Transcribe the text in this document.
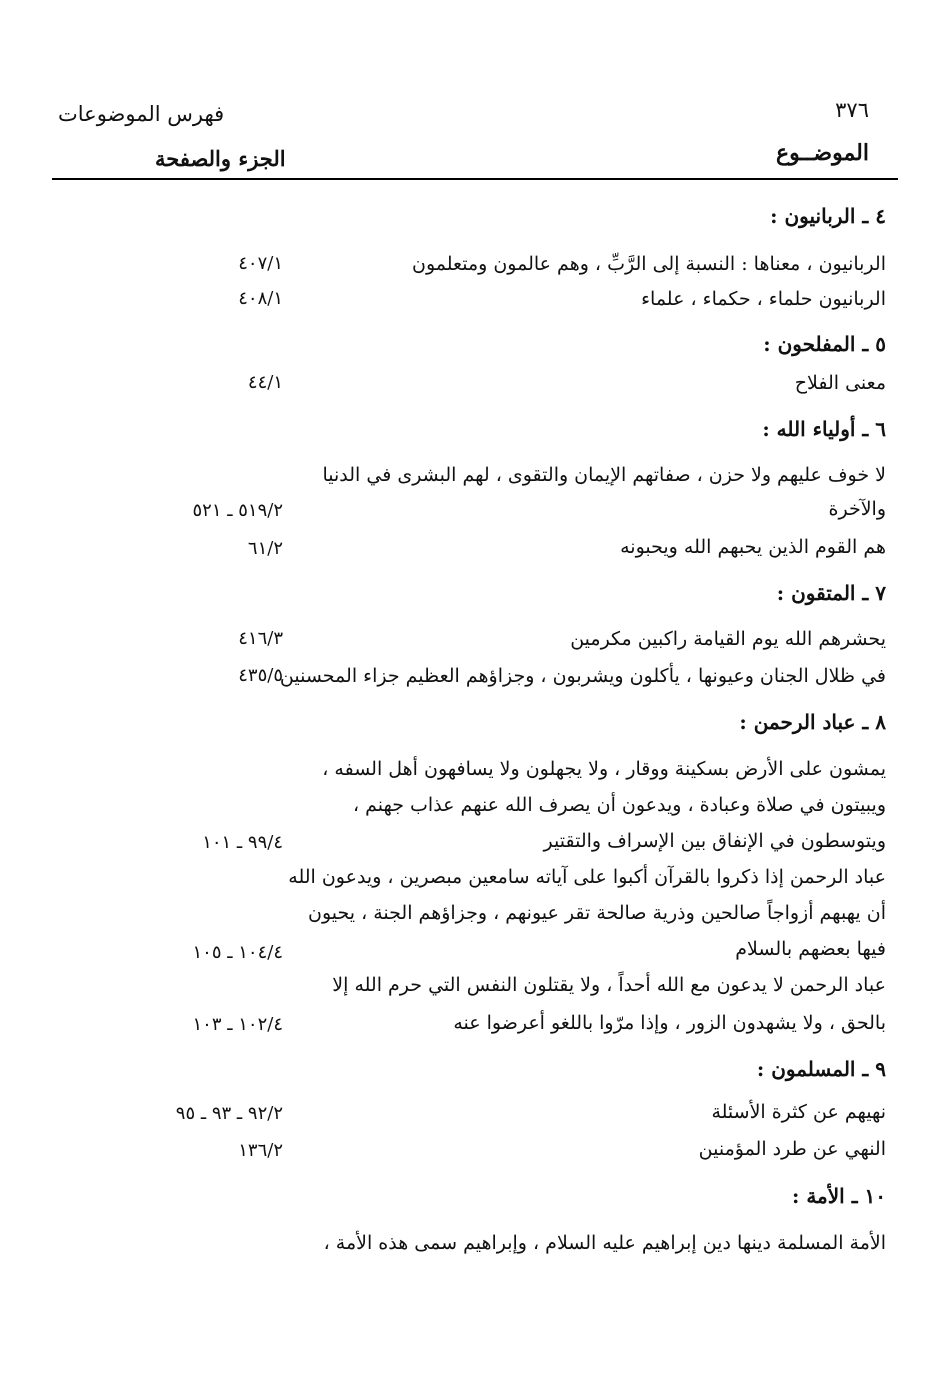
٣٧٦
فهرس الموضوعات
الموضــوع
الجزء والصفحة
٤ ـ الربانيون :
الربانيون ، معناها : النسبة إلى الرَّبِّ ، وهم عالمون ومتعلمون
٤٠٧/١
الربانيون حلماء ، حكماء ، علماء
٤٠٨/١
٥ ـ المفلحون :
معنى الفلاح
٤٤/١
٦ ـ أولياء الله :
لا خوف عليهم ولا حزن ، صفاتهم الإيمان والتقوى ، لهم البشرى في الدنيا
والآخرة
٥١٩/٢ ـ ٥٢١
هم القوم الذين يحبهم الله ويحبونه
٦١/٢
٧ ـ المتقون :
يحشرهم الله يوم القيامة راكبين مكرمين
٤١٦/٣
في ظلال الجنان وعيونها ، يأكلون ويشربون ، وجزاؤهم العظيم جزاء المحسنين
٤٣٥/٥
٨ ـ عباد الرحمن :
يمشون على الأرض بسكينة ووقار ، ولا يجهلون ولا يسافهون أهل السفه ،
ويبيتون في صلاة وعبادة ، ويدعون أن يصرف الله عنهم عذاب جهنم ،
ويتوسطون في الإنفاق بين الإسراف والتقتير
٩٩/٤ ـ ١٠١
عباد الرحمن إذا ذكروا بالقرآن أكبوا على آياته سامعين مبصرين ، ويدعون الله
أن يهبهم أزواجاً صالحين وذرية صالحة تقر عيونهم ، وجزاؤهم الجنة ، يحيون
فيها بعضهم بالسلام
١٠٤/٤ ـ ١٠٥
عباد الرحمن لا يدعون مع الله أحداً ، ولا يقتلون النفس التي حرم الله إلا
بالحق ، ولا يشهدون الزور ، وإذا مرّوا باللغو أعرضوا عنه
١٠٢/٤ ـ ١٠٣
٩ ـ المسلمون :
نهيهم عن كثرة الأسئلة
٩٢/٢ ـ ٩٣ ـ ٩٥
النهي عن طرد المؤمنين
١٣٦/٢
١٠ ـ الأمة :
الأمة المسلمة دينها دين إبراهيم عليه السلام ، وإبراهيم سمى هذه الأمة ،
